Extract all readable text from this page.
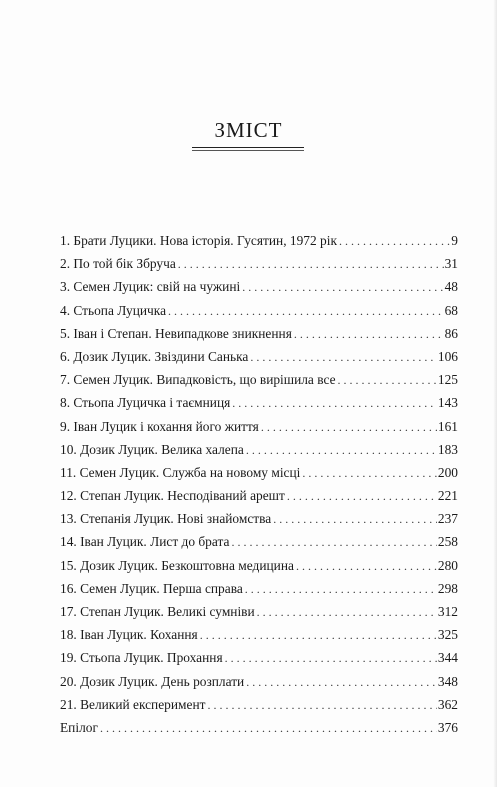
ЗМІСТ
1. Брати Луцики. Нова історія. Гусятин, 1972 рік . . .	9
2. По той бік Збруча . . .	31
3. Семен Луцик: свій на чужині . . .	48
4. Стьопа Луцичка . . .	68
5. Іван і Степан. Невипадкове зникнення . . .	86
6. Дозик Луцик. Звіздини Санька . . .	106
7. Семен Луцик. Випадковість, що вирішила все . . .	125
8. Стьопа Луцичка і таємниця . . .	143
9. Іван Луцик і кохання його життя . . .	161
10. Дозик Луцик. Велика халепа . . .	183
11. Семен Луцик. Служба на новому місці . . .	200
12. Степан Луцик. Несподіваний арешт . . .	221
13. Степанія Луцик. Нові знайомства . . .	237
14. Іван Луцик. Лист до брата . . .	258
15. Дозик Луцик. Безкоштовна медицина . . .	280
16. Семен Луцик. Перша справа . . .	298
17. Степан Луцик. Великі сумніви . . .	312
18. Іван Луцик. Кохання . . .	325
19. Стьопа Луцик. Прохання . . .	344
20. Дозик Луцик. День розплати . . .	348
21. Великий експеримент . . .	362
Епілог . . .	376
